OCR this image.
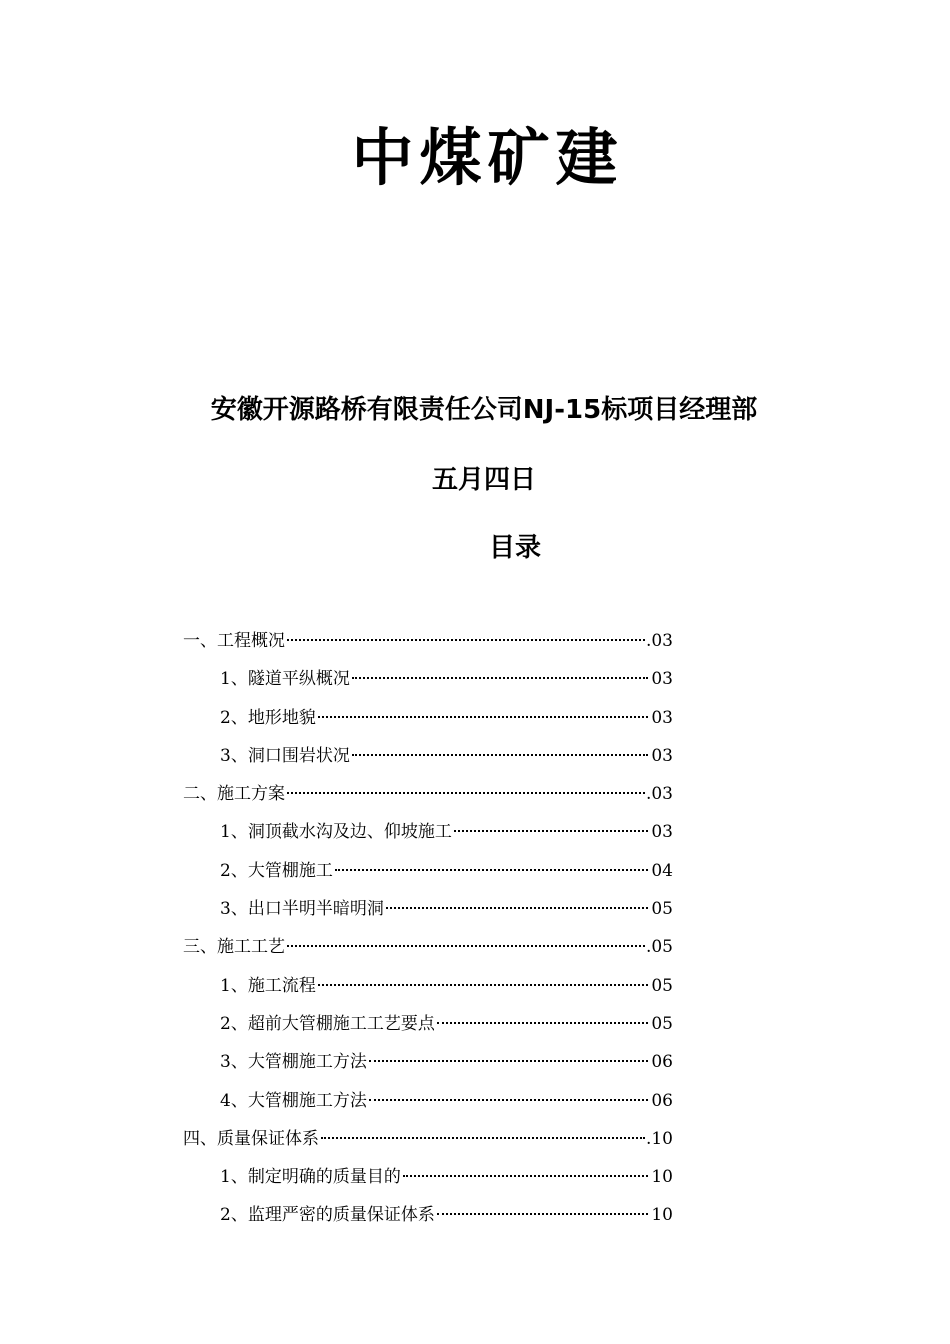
中煤矿建
安徽开源路桥有限责任公司NJ-15标项目经理部
五月四日
目录
一、工程概况	.03
1、隧道平纵概况	03
2、地形地貌	03
3、洞口围岩状况	03
二、施工方案	.03
1、洞顶截水沟及边、仰坡施工	03
2、大管棚施工	04
3、出口半明半暗明洞	05
三、施工工艺	.05
1、施工流程	05
2、超前大管棚施工工艺要点	05
3、大管棚施工方法	06
4、大管棚施工方法	06
四、质量保证体系	.10
1、制定明确的质量目的	10
2、监理严密的质量保证体系	10
